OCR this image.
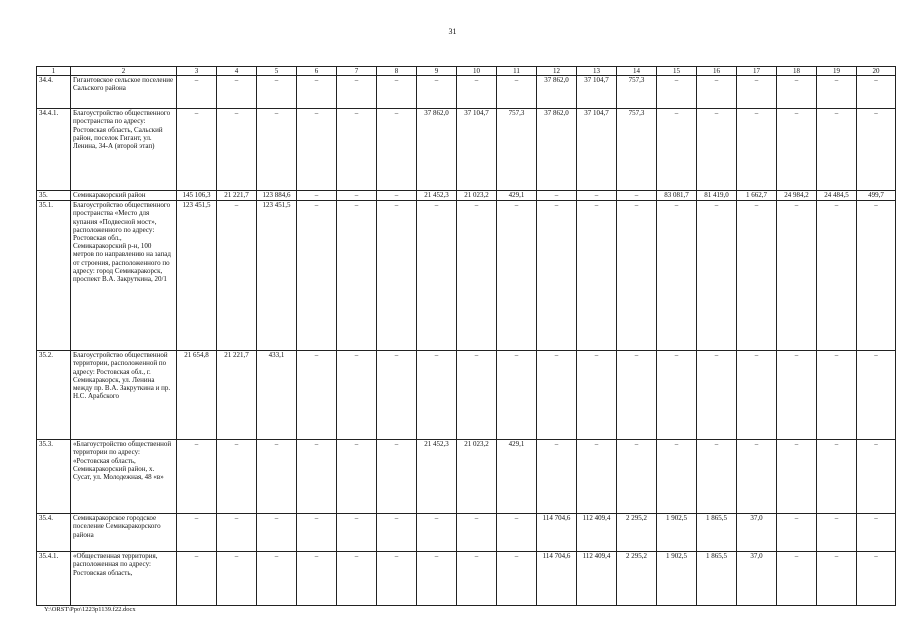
31
1	2	3	4	5	6	7	8	9	10	11	12	13	14	15	16	17	18	19	20
34.4.	Гигантовское сельское поселение Сальского района	–	–	–	–	–	–	–	–	–	37 862,0	37 104,7	757,3	–	–	–	–	–	–
34.4.1.	Благоустройство общественного пространства по адресу: Ростовская область, Сальский район, поселок Гигант, ул. Ленина, 34-А (второй этап)	–	–	–	–	–	–	37 862,0	37 104,7	757,3	37 862,0	37 104,7	757,3	–	–	–	–	–	–
35.	Семикаракорский район	145 106,3	21 221,7	123 884,6	–	–	–	21 452,3	21 023,2	429,1	–	–	–	83 081,7	81 419,0	1 662,7	24 984,2	24 484,5	499,7
35.1.	Благоустройство общественного пространства «Место для купания «Подвесной мост», расположенного по адресу: Ростовская обл., Семикаракорский р-н, 100 метров по направлению на запад от строения, расположенного по адресу: город Семикаракорск, проспект В.А. Закруткина, 20/1	123 451,5	–	123 451,5	–	–	–	–	–	–	–	–	–	–	–	–	–	–	–
35.2.	Благоустройство общественной территории, расположенной по адресу: Ростовская обл., г. Семикаракорск, ул. Ленина между пр. В.А. Закруткина и пр. Н.С. Арабского	21 654,8	21 221,7	433,1	–	–	–	–	–	–	–	–	–	–	–	–	–	–	–
35.3.	«Благоустройство общественной территории по адресу: «Ростовская область, Семикаракорский район, х. Сусат, ул. Молодежная, 48 «в»	–	–	–	–	–	–	21 452,3	21 023,2	429,1	–	–	–	–	–	–	–	–	–
35.4.	Семикаракорское городское поселение Семикаракорского района	–	–	–	–	–	–	–	–	–	114 704,6	112 409,4	2 295,2	1 902,5	1 865,5	37,0	–	–	–
35.4.1.	«Общественная территория, расположенная по адресу: Ростовская область,	–	–	–	–	–	–	–	–	–	114 704,6	112 409,4	2 295,2	1 902,5	1 865,5	37,0	–	–	–
Y:\ORST\Ppo\1223p1139.f22.docx
